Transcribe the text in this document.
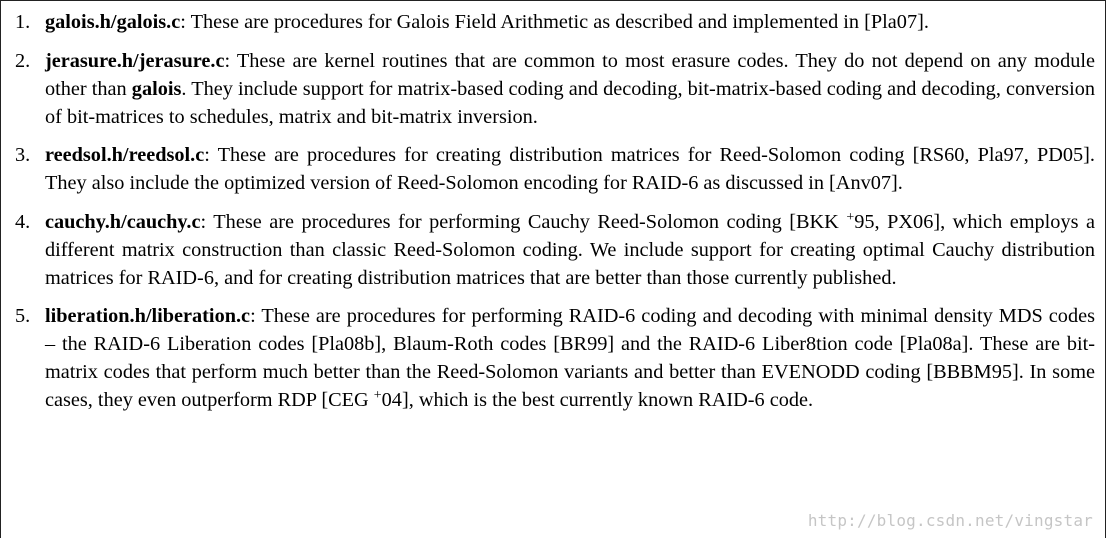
1. galois.h/galois.c: These are procedures for Galois Field Arithmetic as described and implemented in [Pla07].
2. jerasure.h/jerasure.c: These are kernel routines that are common to most erasure codes. They do not depend on any module other than galois. They include support for matrix-based coding and decoding, bit-matrix-based coding and decoding, conversion of bit-matrices to schedules, matrix and bit-matrix inversion.
3. reedsol.h/reedsol.c: These are procedures for creating distribution matrices for Reed-Solomon coding [RS60, Pla97, PD05]. They also include the optimized version of Reed-Solomon encoding for RAID-6 as discussed in [Anv07].
4. cauchy.h/cauchy.c: These are procedures for performing Cauchy Reed-Solomon coding [BKK +95, PX06], which employs a different matrix construction than classic Reed-Solomon coding. We include support for creating optimal Cauchy distribution matrices for RAID-6, and for creating distribution matrices that are better than those currently published.
5. liberation.h/liberation.c: These are procedures for performing RAID-6 coding and decoding with minimal density MDS codes – the RAID-6 Liberation codes [Pla08b], Blaum-Roth codes [BR99] and the RAID-6 Liber8tion code [Pla08a]. These are bit-matrix codes that perform much better than the Reed-Solomon variants and better than EVENODD coding [BBBM95]. In some cases, they even outperform RDP [CEG +04], which is the best currently known RAID-6 code.
http://blog.csdn.net/vingstar
